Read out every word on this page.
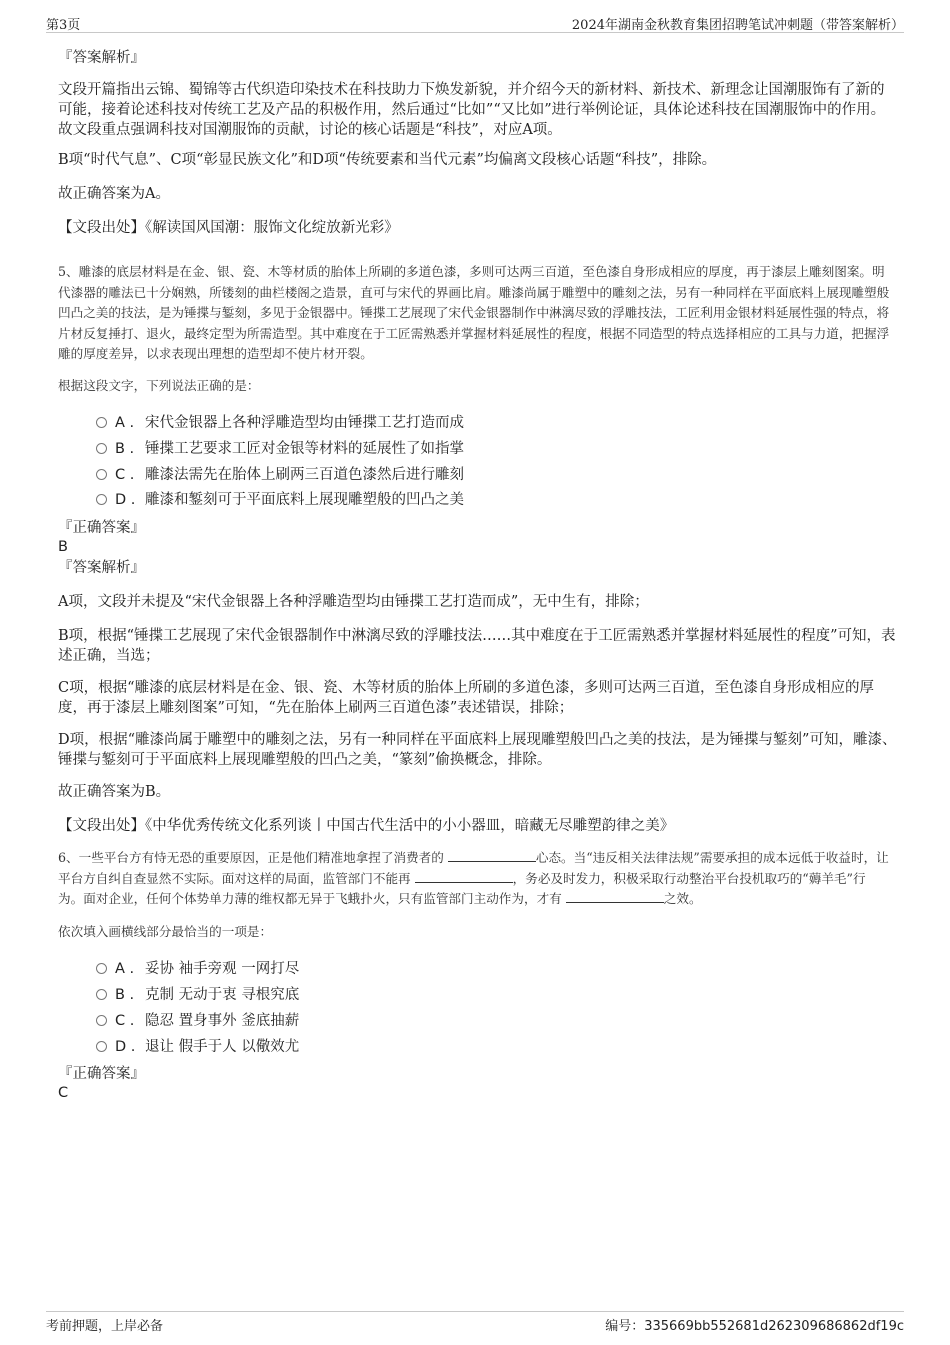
第3页	2024年湖南金秋教育集团招聘笔试冲刺题（带答案解析）
『答案解析』

文段开篇指出云锦、蜀锦等古代织造印染技术在科技助力下焕发新貌，并介绍今天的新材料、新技术、新理念让国潮服饰有了新的可能，接着论述科技对传统工艺及产品的积极作用，然后通过“比如”“又比如”进行举例论证，具体论述科技在国潮服饰中的作用。故文段重点强调科技对国潮服饰的贡献，讨论的核心话题是“科技”，对应A项。

B项“时代气息”、C项“彰显民族文化”和D项“传统要素和当代元素”均偏离文段核心话题“科技”，排除。

故正确答案为A。

【文段出处】《解读国风国潮：服饰文化绽放新光彩》

5、雕漆的底层材料是在金、银、瓷、木等材质的胎体上所刷的多道色漆，多则可达两三百道，至色漆自身形成相应的厚度，再于漆层上雕刻图案。明代漆器的雕法已十分娴熟，所镂刻的曲栏楼阁之造景，直可与宋代的界画比肩。雕漆尚属于雕塑中的雕刻之法，另有一种同样在平面底料上展现雕塑般凹凸之美的技法，是为锤揲与錾刻，多见于金银器中。锤揲工艺展现了宋代金银器制作中淋漓尽致的浮雕技法，工匠利用金银材料延展性强的特点，将片材反复捶打、退火，最终定型为所需造型。其中难度在于工匠需熟悉并掌握材料延展性的程度，根据不同造型的特点选择相应的工具与力道，把握浮雕的厚度差异，以求表现出理想的造型却不使片材开裂。

根据这段文字，下列说法正确的是：

A . 宋代金银器上各种浮雕造型均由锤揲工艺打造而成
B . 锤揲工艺要求工匠对金银等材料的延展性了如指掌
C . 雕漆法需先在胎体上刷两三百道色漆然后进行雕刻
D . 雕漆和錾刻可于平面底料上展现雕塑般的凹凸之美
『正确答案』
B
『答案解析』

A项，文段并未提及“宋代金银器上各种浮雕造型均由锤揲工艺打造而成”，无中生有，排除；

B项，根据“锤揲工艺展现了宋代金银器制作中淋漓尽致的浮雕技法……其中难度在于工匠需熟悉并掌握材料延展性的程度”可知，表述正确，当选；

C项，根据“雕漆的底层材料是在金、银、瓷、木等材质的胎体上所刷的多道色漆，多则可达两三百道，至色漆自身形成相应的厚度，再于漆层上雕刻图案”可知，“先在胎体上刷两三百道色漆”表述错误，排除；

D项，根据“雕漆尚属于雕塑中的雕刻之法，另有一种同样在平面底料上展现雕塑般凹凸之美的技法，是为锤揲与錾刻”可知，雕漆、锤揲与錾刻可于平面底料上展现雕塑般的凹凸之美，“篆刻”偷换概念，排除。

故正确答案为B。

【文段出处】《中华优秀传统文化系列谈丨中国古代生活中的小小器皿，暗藏无尽雕塑韵律之美》

6、一些平台方有恃无恐的重要原因，正是他们精准地拿捏了消费者的	心态。当“违反相关法律法规”需要承担的成本远低于收益时，让平台方自纠自查显然不实际。面对这样的局面，监管部门不能再	，务必及时发力，积极采取行动整治平台投机取巧的“薅羊毛”行为。面对企业，任何个体势单力薄的维权都无异于飞蛾扑火，只有监管部门主动作为，才有	之效。

依次填入画横线部分最恰当的一项是：

A . 妥协 袖手旁观 一网打尽
B . 克制 无动于衷 寻根究底
C . 隐忍 置身事外 釜底抽薪
D . 退让 假手于人 以儆效尤
『正确答案』
C
考前押题，上岸必备	编号：335669bb552681d262309686862df19c
